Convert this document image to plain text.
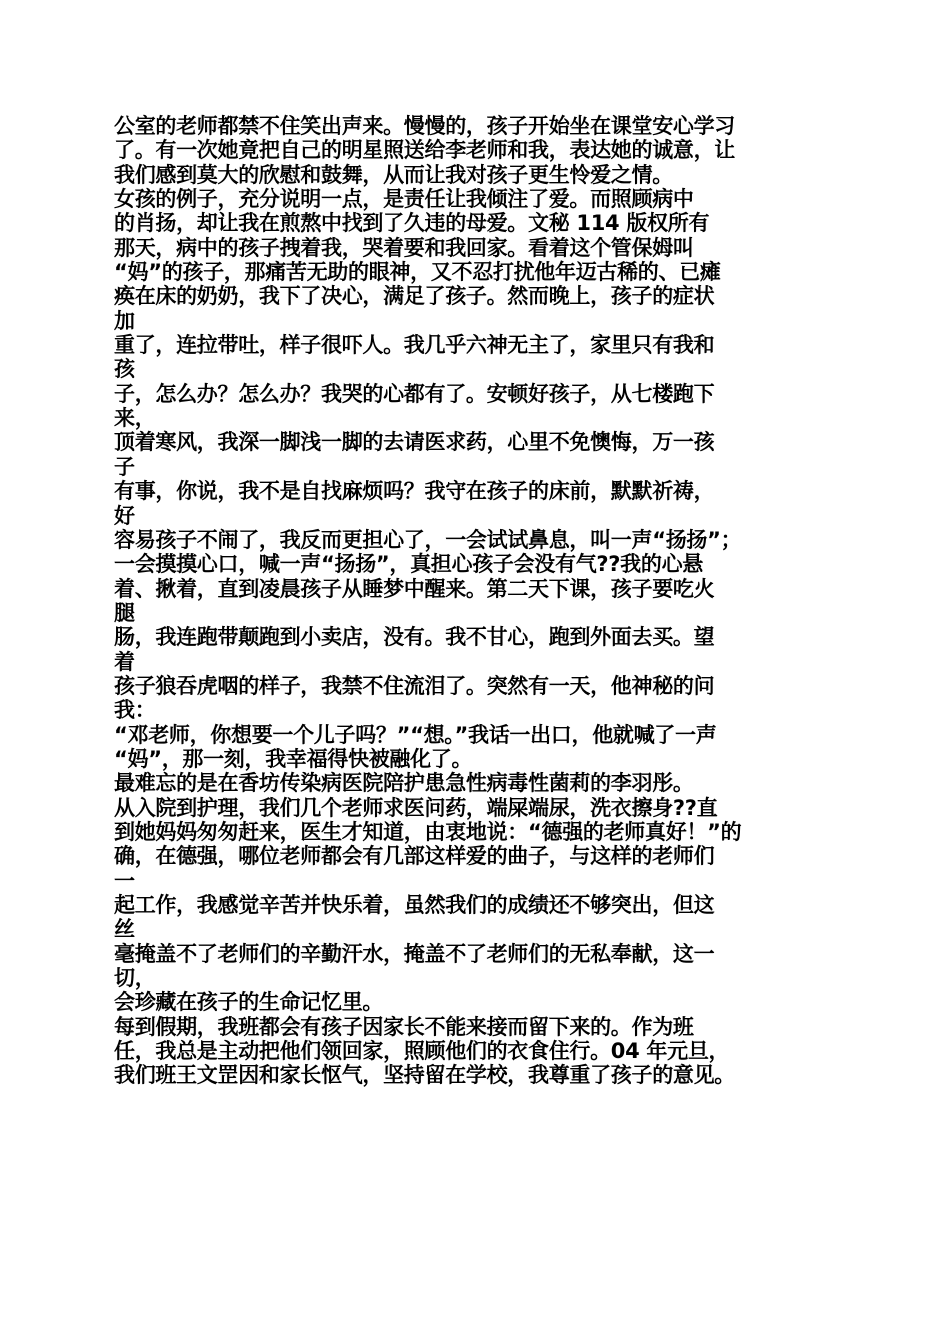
公室的老师都禁不住笑出声来。慢慢的，孩子开始坐在课堂安心学习
了。有一次她竟把自己的明星照送给李老师和我，表达她的诚意，让
我们感到莫大的欣慰和鼓舞，从而让我对孩子更生怜爱之情。
女孩的例子，充分说明一点，是责任让我倾注了爱。而照顾病中
的肖扬，却让我在煎熬中找到了久违的母爱。文秘 114 版权所有
那天，病中的孩子拽着我，哭着要和我回家。看着这个管保姆叫
“妈”的孩子，那痛苦无助的眼神，又不忍打扰他年迈古稀的、已瘫
痪在床的奶奶，我下了决心，满足了孩子。然而晚上，孩子的症状
加
重了，连拉带吐，样子很吓人。我几乎六神无主了，家里只有我和
孩
子，怎么办？怎么办？我哭的心都有了。安顿好孩子，从七楼跑下
来，
顶着寒风，我深一脚浅一脚的去请医求药，心里不免懊悔，万一孩
子
有事，你说，我不是自找麻烦吗？我守在孩子的床前，默默祈祷，
好
容易孩子不闹了，我反而更担心了，一会试试鼻息，叫一声“扬扬”；
一会摸摸心口，喊一声“扬扬”，真担心孩子会没有气??我的心悬
着、揪着，直到凌晨孩子从睡梦中醒来。第二天下课，孩子要吃火
腿
肠，我连跑带颠跑到小卖店，没有。我不甘心，跑到外面去买。望
着
孩子狼吞虎咽的样子，我禁不住流泪了。突然有一天，他神秘的问
我：
“邓老师，你想要一个儿子吗？”“想。”我话一出口，他就喊了一声
“妈”，那一刻，我幸福得快被融化了。
最难忘的是在香坊传染病医院陪护患急性病毒性菌莉的李羽彤。
从入院到护理，我们几个老师求医问药，端屎端尿，洗衣擦身??直
到她妈妈匆匆赶来，医生才知道，由衷地说：“德强的老师真好！”的
确，在德强，哪位老师都会有几部这样爱的曲子，与这样的老师们
一
起工作，我感觉辛苦并快乐着，虽然我们的成绩还不够突出，但这
丝
毫掩盖不了老师们的辛勤汗水，掩盖不了老师们的无私奉献，这一
切，
会珍藏在孩子的生命记忆里。
每到假期，我班都会有孩子因家长不能来接而留下来的。作为班
任，我总是主动把他们领回家，照顾他们的衣食住行。04 年元旦，
我们班王文罡因和家长怄气，坚持留在学校，我尊重了孩子的意见。
